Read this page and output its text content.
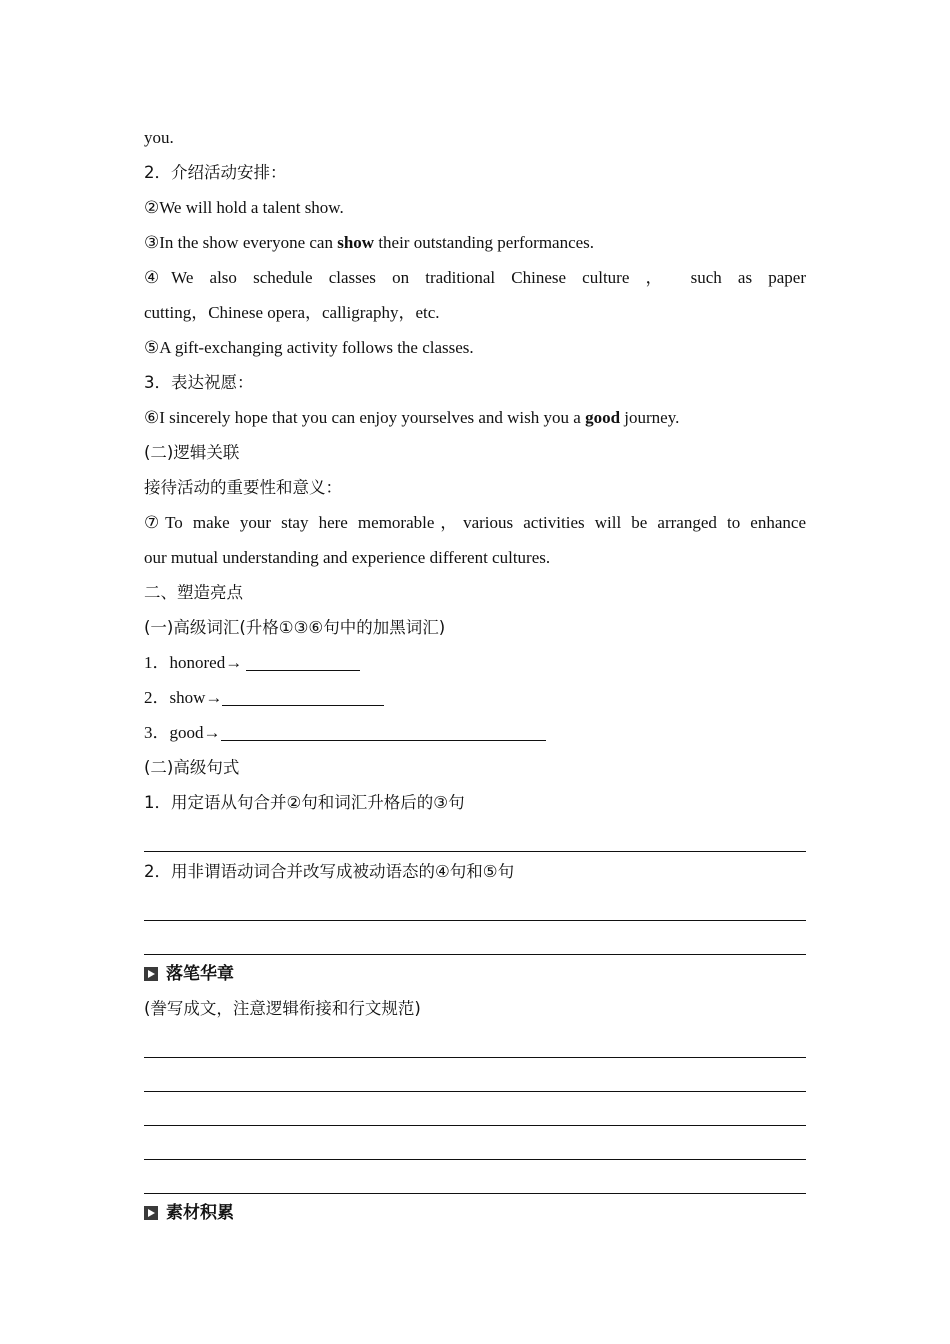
you.
2．介绍活动安排：
②We will hold a talent show.
③In the show everyone can show their outstanding performances.
④We also schedule classes on traditional Chinese culture ， such as paper
cutting，Chinese opera，calligraphy，etc.
⑤A gift-exchanging activity follows the classes.
3．表达祝愿：
⑥I sincerely hope that you can enjoy yourselves and wish you a good journey.
(二)逻辑关联
接待活动的重要性和意义：
⑦To make your stay here memorable，various activities will be arranged to enhance
our mutual understanding and experience different cultures.
二、塑造亮点
(一)高级词汇(升格①③⑥句中的加黑词汇)
1．honored→
2．show→
3．good→
(二)高级句式
1．用定语从句合并②句和词汇升格后的③句
2．用非谓语动词合并改写成被动语态的④句和⑤句
落笔华章
(誊写成文，注意逻辑衔接和行文规范)
素材积累
